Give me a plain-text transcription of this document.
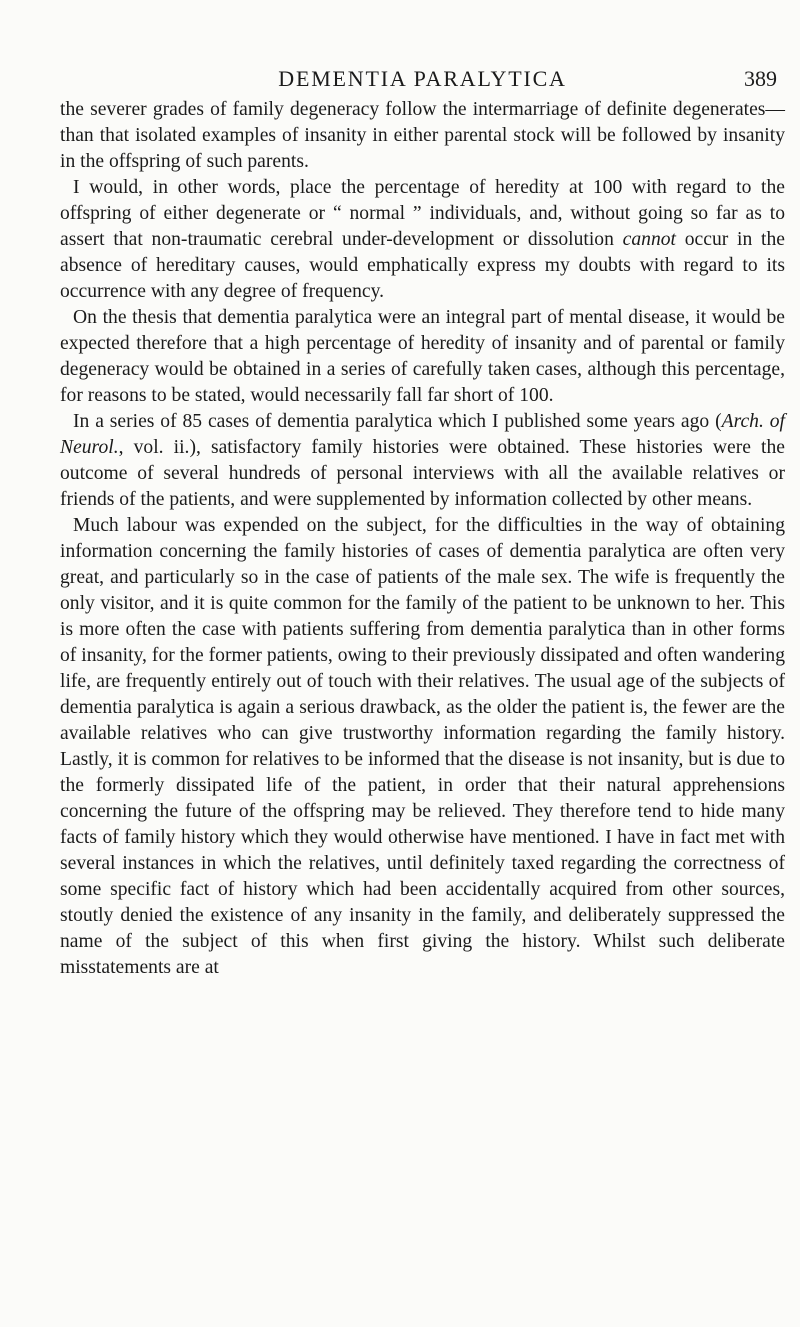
DEMENTIA PARALYTICA	389

the severer grades of family degeneracy follow the intermarriage of definite degenerates—than that isolated examples of insanity in either parental stock will be followed by insanity in the offspring of such parents.

I would, in other words, place the percentage of heredity at 100 with regard to the offspring of either degenerate or “ normal ” individuals, and, without going so far as to assert that non-traumatic cerebral under-development or dissolution cannot occur in the absence of hereditary causes, would emphatically express my doubts with regard to its occurrence with any degree of frequency.

On the thesis that dementia paralytica were an integral part of mental disease, it would be expected therefore that a high percentage of heredity of insanity and of parental or family degeneracy would be obtained in a series of carefully taken cases, although this percentage, for reasons to be stated, would necessarily fall far short of 100.

In a series of 85 cases of dementia paralytica which I published some years ago (Arch. of Neurol., vol. ii.), satisfactory family histories were obtained. These histories were the outcome of several hundreds of personal interviews with all the available relatives or friends of the patients, and were supplemented by information collected by other means.

Much labour was expended on the subject, for the difficulties in the way of obtaining information concerning the family histories of cases of dementia paralytica are often very great, and particularly so in the case of patients of the male sex. The wife is frequently the only visitor, and it is quite common for the family of the patient to be unknown to her. This is more often the case with patients suffering from dementia paralytica than in other forms of insanity, for the former patients, owing to their previously dissipated and often wandering life, are frequently entirely out of touch with their relatives. The usual age of the subjects of dementia paralytica is again a serious drawback, as the older the patient is, the fewer are the available relatives who can give trustworthy information regarding the family history. Lastly, it is common for relatives to be informed that the disease is not insanity, but is due to the formerly dissipated life of the patient, in order that their natural apprehensions concerning the future of the offspring may be relieved. They therefore tend to hide many facts of family history which they would otherwise have mentioned. I have in fact met with several instances in which the relatives, until definitely taxed regarding the correctness of some specific fact of history which had been accidentally acquired from other sources, stoutly denied the existence of any insanity in the family, and deliberately suppressed the name of the subject of this when first giving the history. Whilst such deliberate misstatements are at
